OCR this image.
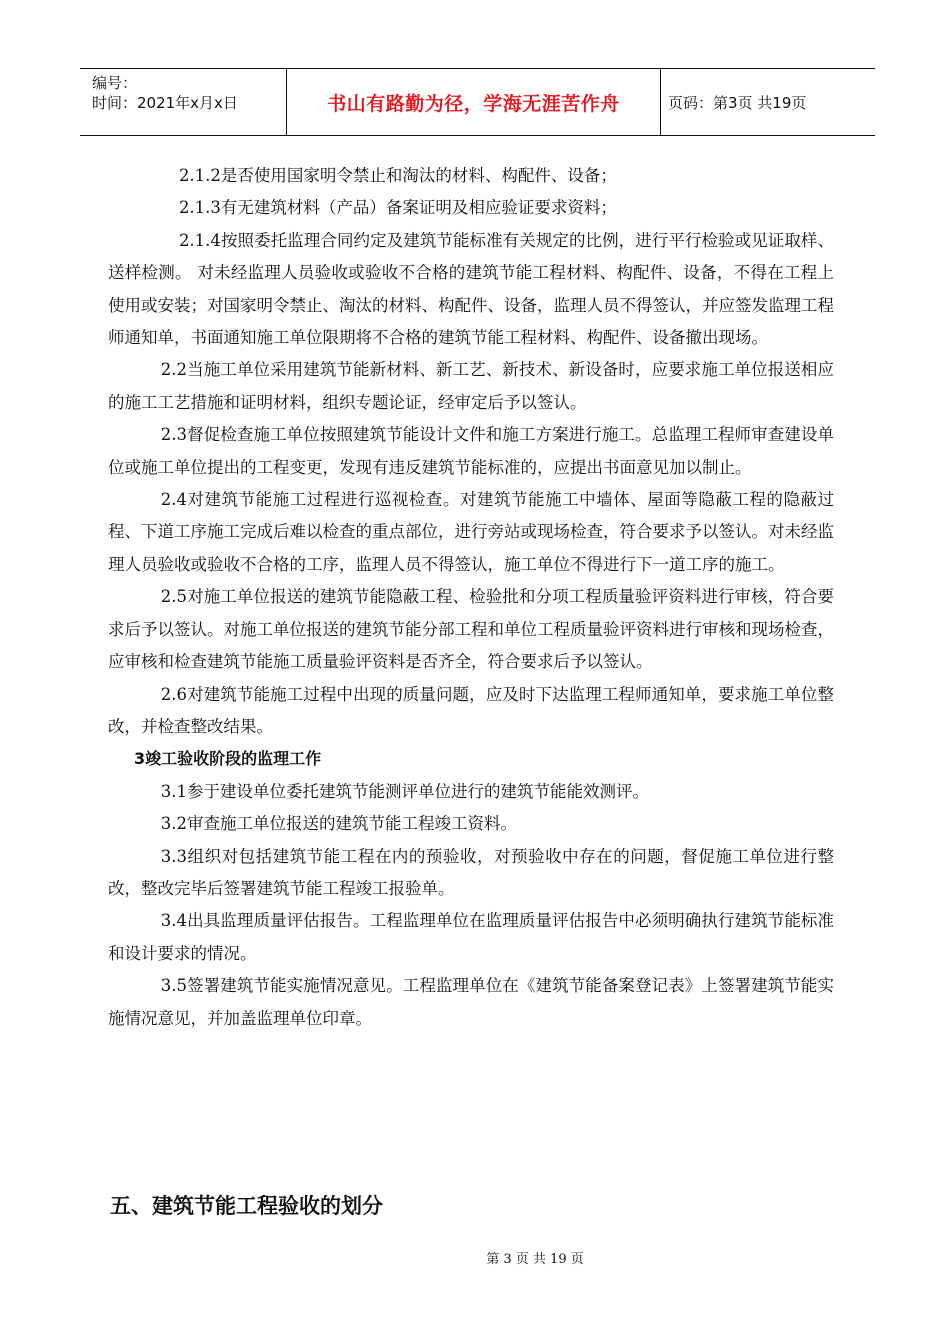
编号：
时间：2021年x月x日	书山有路勤为径，学海无涯苦作舟	页码：第3页 共19页

2.1.2是否使用国家明令禁止和淘汰的材料、构配件、设备；

2.1.3有无建筑材料（产品）备案证明及相应验证要求资料；

2.1.4按照委托监理合同约定及建筑节能标准有关规定的比例，进行平行检验或见证取样、送样检测。 对未经监理人员验收或验收不合格的建筑节能工程材料、构配件、设备，不得在工程上使用或安装；对国家明令禁止、淘汰的材料、构配件、设备，监理人员不得签认，并应签发监理工程师通知单，书面通知施工单位限期将不合格的建筑节能工程材料、构配件、设备撤出现场。

2.2当施工单位采用建筑节能新材料、新工艺、新技术、新设备时，应要求施工单位报送相应的施工工艺措施和证明材料，组织专题论证，经审定后予以签认。

2.3督促检查施工单位按照建筑节能设计文件和施工方案进行施工。总监理工程师审查建设单位或施工单位提出的工程变更，发现有违反建筑节能标准的，应提出书面意见加以制止。

2.4对建筑节能施工过程进行巡视检查。对建筑节能施工中墙体、屋面等隐蔽工程的隐蔽过程、下道工序施工完成后难以检查的重点部位，进行旁站或现场检查，符合要求予以签认。对未经监理人员验收或验收不合格的工序，监理人员不得签认，施工单位不得进行下一道工序的施工。

2.5对施工单位报送的建筑节能隐蔽工程、检验批和分项工程质量验评资料进行审核，符合要求后予以签认。对施工单位报送的建筑节能分部工程和单位工程质量验评资料进行审核和现场检查，应审核和检查建筑节能施工质量验评资料是否齐全，符合要求后予以签认。

2.6对建筑节能施工过程中出现的质量问题，应及时下达监理工程师通知单，要求施工单位整改，并检查整改结果。

3竣工验收阶段的监理工作

3.1参于建设单位委托建筑节能测评单位进行的建筑节能能效测评。

3.2审查施工单位报送的建筑节能工程竣工资料。

3.3组织对包括建筑节能工程在内的预验收，对预验收中存在的问题，督促施工单位进行整改，整改完毕后签署建筑节能工程竣工报验单。

3.4出具监理质量评估报告。工程监理单位在监理质量评估报告中必须明确执行建筑节能标准和设计要求的情况。

3.5签署建筑节能实施情况意见。工程监理单位在《建筑节能备案登记表》上签署建筑节能实施情况意见，并加盖监理单位印章。

五、建筑节能工程验收的划分
第 3 页 共 19 页
